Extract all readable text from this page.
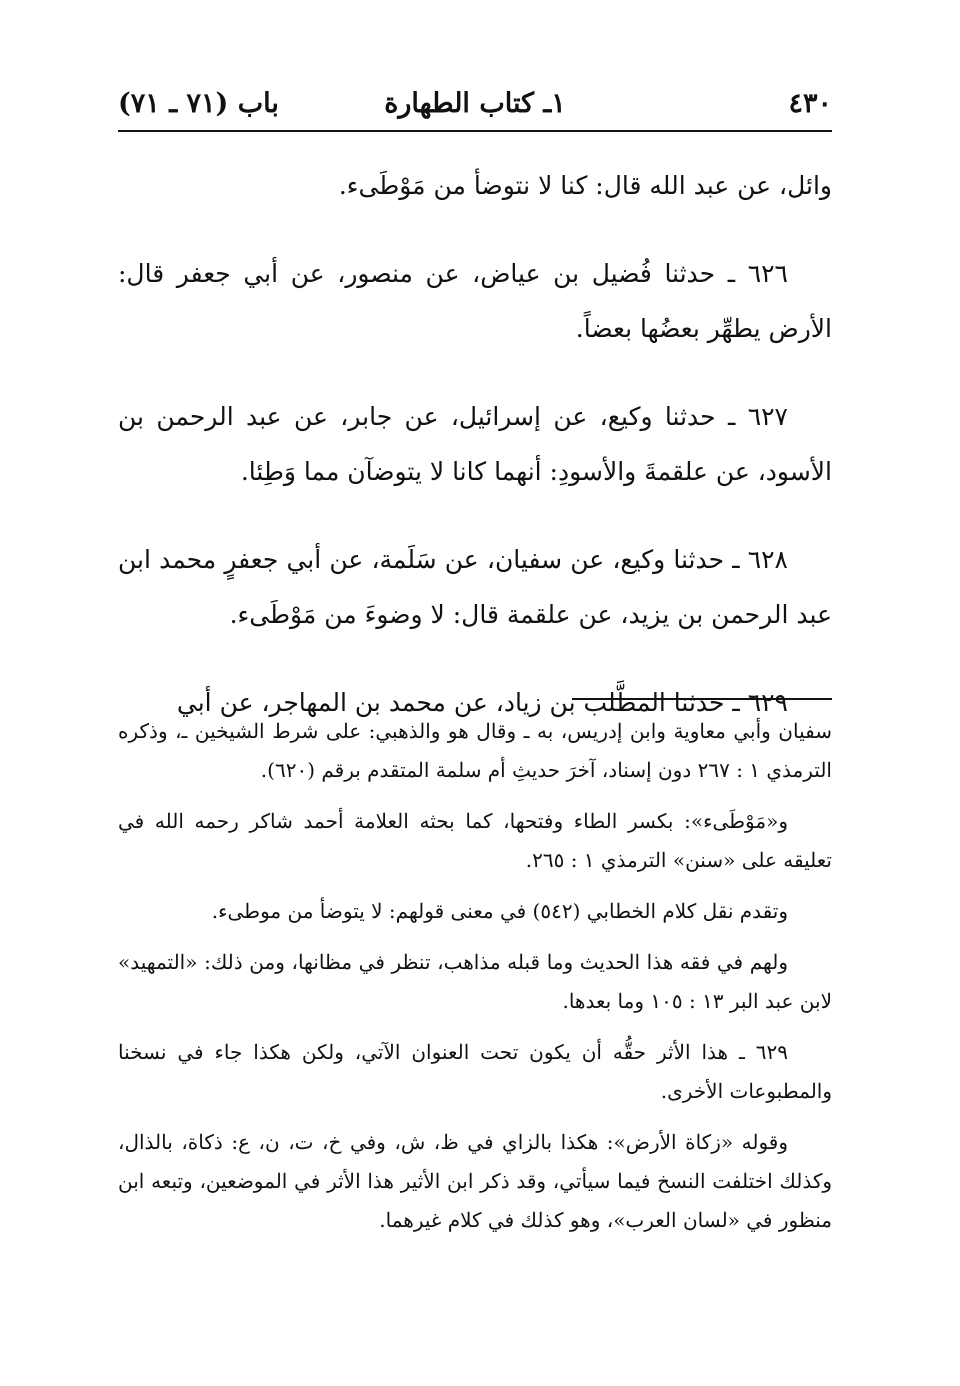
٤٣٠
١ـ كتاب الطهارة
باب (٧١ ـ ٧١)

وائل، عن عبد الله قال: كنا لا نتوضأ من مَوْطَىء.

٦٢٦ ـ حدثنا فُضيل بن عياض، عن منصور، عن أبي جعفر قال: الأرض يطهِّر بعضُها بعضاً.

٦٢٧ ـ حدثنا وكيع، عن إسرائيل، عن جابر، عن عبد الرحمن بن الأسود، عن علقمةَ والأسودِ: أنهما كانا لا يتوضآن مما وَطِئا.

٦٢٨ ـ حدثنا وكيع، عن سفيان، عن سَلَمة، عن أبي جعفرٍ محمد ابن عبد الرحمن بن يزيد، عن علقمة قال: لا وضوءَ من مَوْطَىء.

٦٢٩ ـ حدثنا المطَّلب بن زياد، عن محمد بن المهاجر، عن أبي

سفيان وأبي معاوية وابن إدريس، به ـ وقال هو والذهبي: على شرط الشيخين ـ، وذكره الترمذي ١ : ٢٦٧ دون إسناد، آخرَ حديثِ أم سلمة المتقدم برقم (٦٢٠).

و«مَوْطَىء»: بكسر الطاء وفتحها، كما بحثه العلامة أحمد شاكر رحمه الله في تعليقه على «سنن» الترمذي ١ : ٢٦٥.

وتقدم نقل كلام الخطابي (٥٤٢) في معنى قولهم: لا يتوضأ من موطىء.

ولهم في فقه هذا الحديث وما قبله مذاهب، تنظر في مظانها، ومن ذلك: «التمهيد» لابن عبد البر ١٣ : ١٠٥ وما بعدها.

٦٢٩ ـ هذا الأثر حقُّه أن يكون تحت العنوان الآتي، ولكن هكذا جاء في نسخنا والمطبوعات الأخرى.

وقوله «زكاة الأرض»: هكذا بالزاي في ظ، ش، وفي خ، ت، ن، ع: ذكاة، بالذال، وكذلك اختلفت النسخ فيما سيأتي، وقد ذكر ابن الأثير هذا الأثر في الموضعين، وتبعه ابن منظور في «لسان العرب»، وهو كذلك في كلام غيرهما.
